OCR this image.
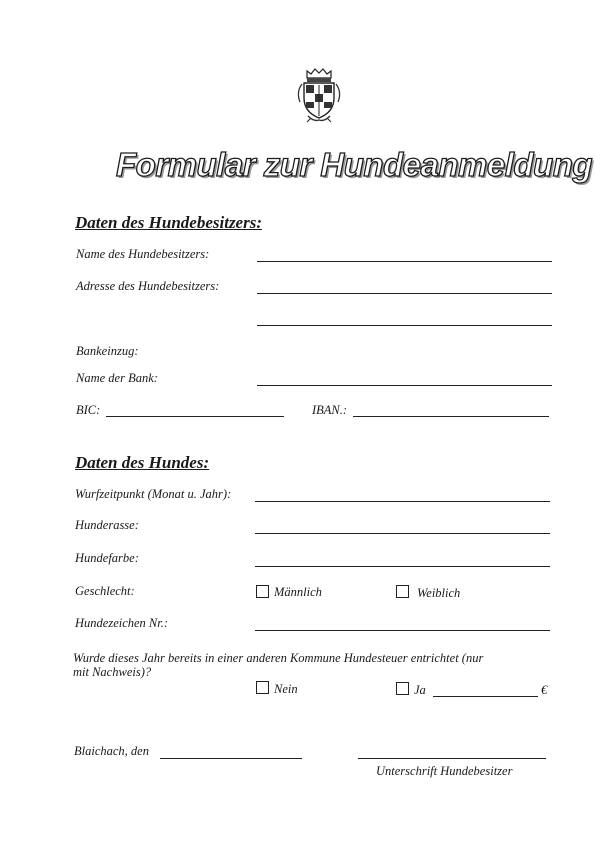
Formular zur Hundeanmeldung
Daten des Hundebesitzers:
Name des Hundebesitzers:
Adresse des Hundebesitzers:
Bankeinzug:
Name der Bank:
BIC:	IBAN.:
Daten des Hundes:
Wurfzeitpunkt (Monat u. Jahr):
Hunderasse:
Hundefarbe:
Geschlecht:	Männlich	Weiblich
Hundezeichen Nr.:
Wurde dieses Jahr bereits in einer anderen Kommune Hundesteuer entrichtet (nur
mit Nachweis)?
Nein	Ja	€
Blaichach, den
Unterschrift Hundebesitzer
